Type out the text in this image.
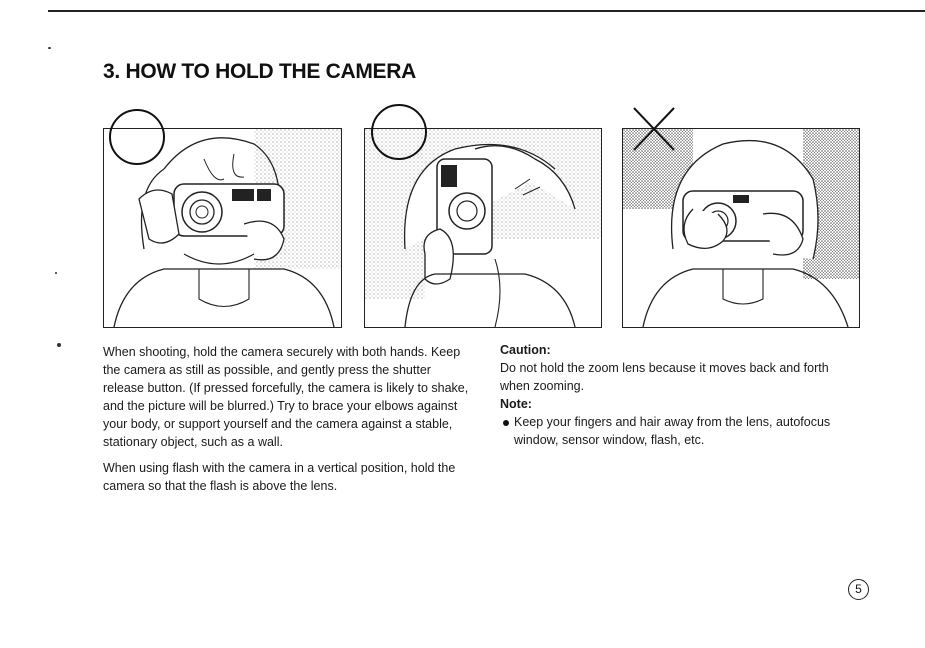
3. HOW TO HOLD THE CAMERA

When shooting, hold the camera securely with both hands. Keep the camera as still as possible, and gently press the shutter release button. (If pressed forcefully, the camera is likely to shake, and the picture will be blurred.) Try to brace your elbows against your body, or support yourself and the camera against a stable, stationary object, such as a wall.

When using flash with the camera in a vertical position, hold the camera so that the flash is above the lens.

Caution:

Do not hold the zoom lens because it moves back and forth when zooming.

Note:

Keep your fingers and hair away from the lens, autofocus window, sensor window, flash, etc.
5
